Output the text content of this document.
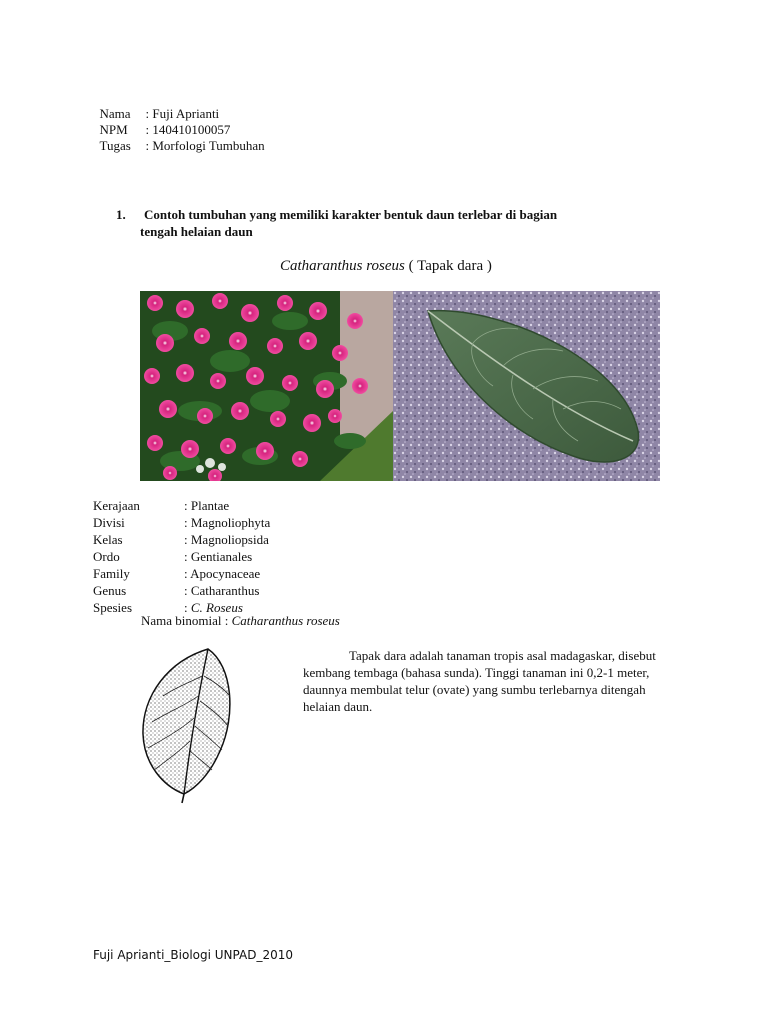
Nama : Fuji Aprianti

NPM : 140410100057

Tugas : Morfologi Tumbuhan

1. Contoh tumbuhan yang memiliki karakter bentuk daun terlebar di bagian
tengah helaian daun
Catharanthus roseus ( Tapak dara )
Kerajaan	: Plantae
Divisi	: Magnoliophyta
Kelas	: Magnoliopsida
Ordo	: Gentianales
Family	: Apocynaceae
Genus	: Catharanthus
Spesies	: C. Roseus
Nama binomial : Catharanthus roseus
Tapak dara adalah tanaman tropis asal madagaskar, disebut kembang tembaga (bahasa sunda). Tinggi tanaman ini 0,2-1 meter, daunnya membulat telur (ovate) yang sumbu terlebarnya ditengah helaian daun.
Fuji Aprianti_Biologi UNPAD_2010
